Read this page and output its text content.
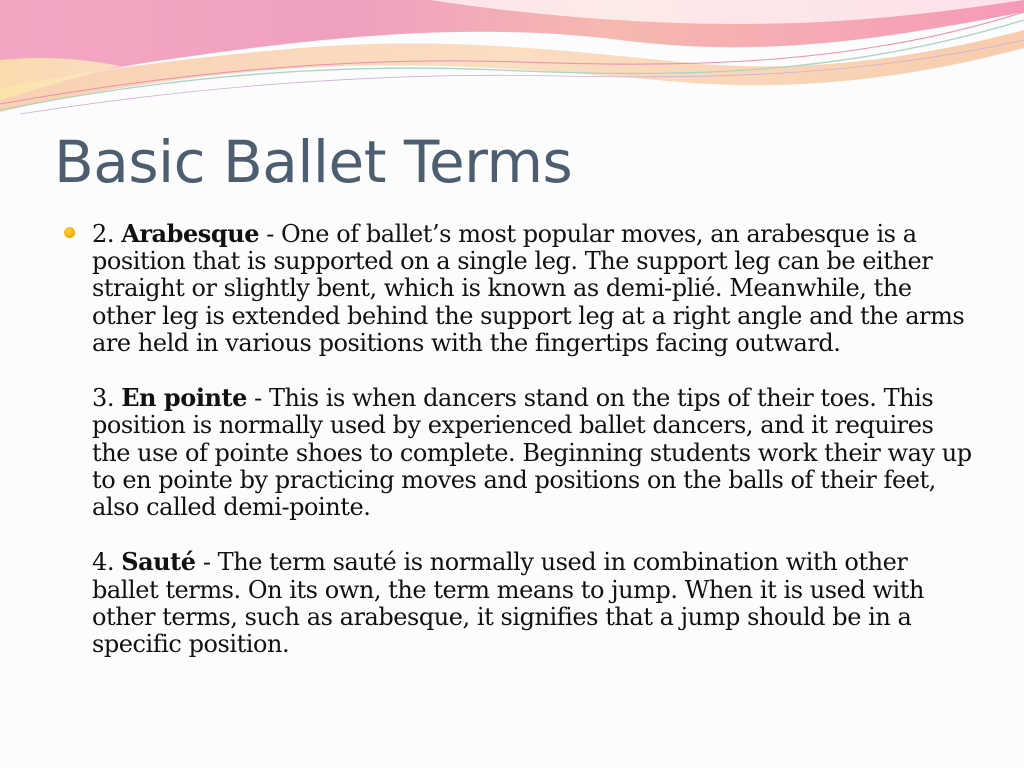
Basic Ballet Terms

2. Arabesque - One of ballet’s most popular moves, an arabesque is a position that is supported on a single leg. The support leg can be either straight or slightly bent, which is known as demi-plié. Meanwhile, the other leg is extended behind the support leg at a right angle and the arms are held in various positions with the fingertips facing outward.

3. En pointe - This is when dancers stand on the tips of their toes. This position is normally used by experienced ballet dancers, and it requires the use of pointe shoes to complete. Beginning students work their way up to en pointe by practicing moves and positions on the balls of their feet, also called demi-pointe.

4. Sauté - The term sauté is normally used in combination with other ballet terms. On its own, the term means to jump. When it is used with other terms, such as arabesque, it signifies that a jump should be in a specific position.
